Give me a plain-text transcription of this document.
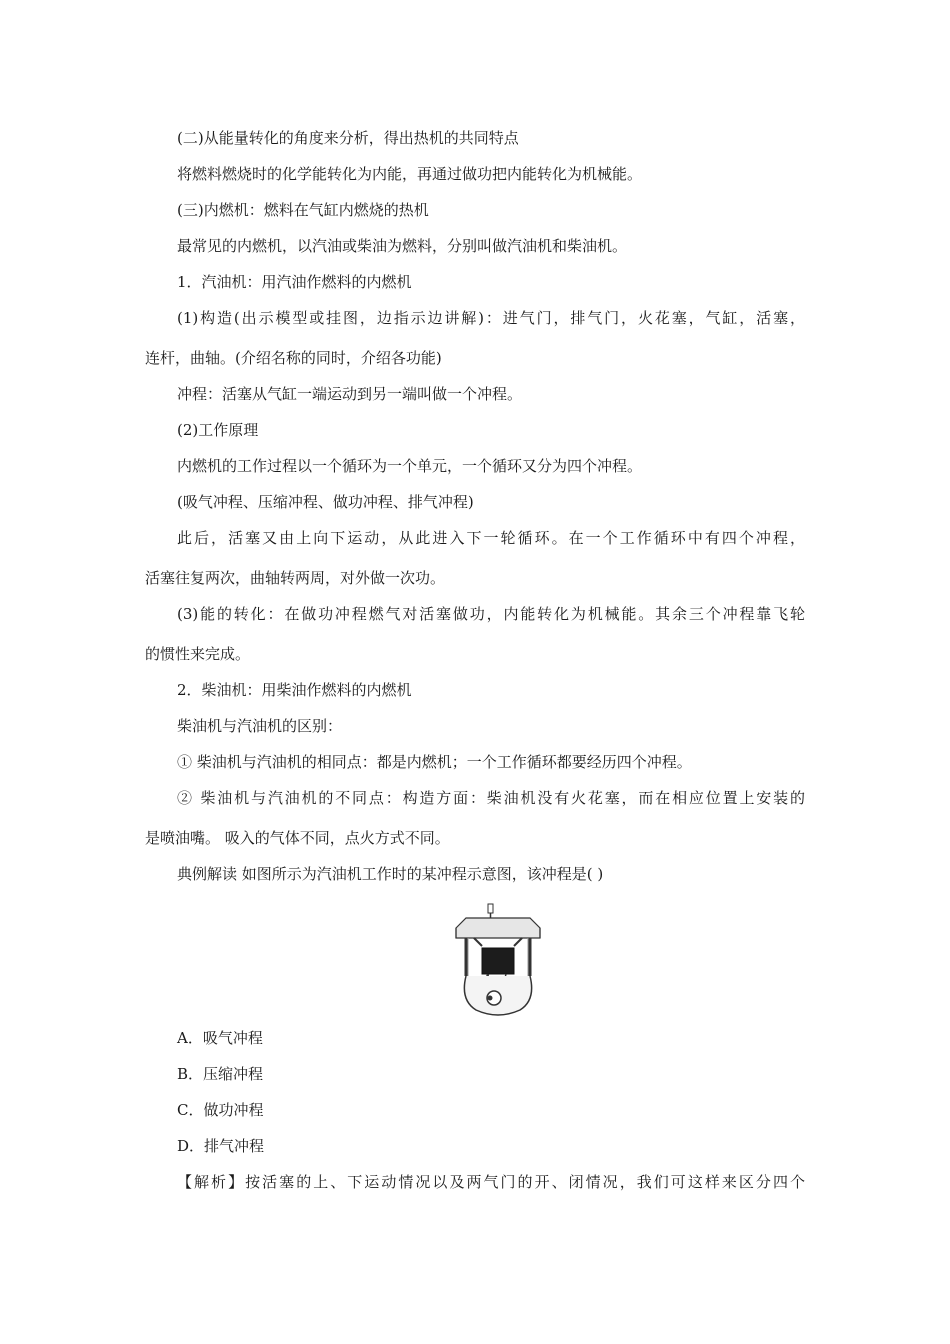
(二)从能量转化的角度来分析，得出热机的共同特点

将燃料燃烧时的化学能转化为内能，再通过做功把内能转化为机械能。

(三)内燃机：燃料在气缸内燃烧的热机

最常见的内燃机，以汽油或柴油为燃料，分别叫做汽油机和柴油机。

1．汽油机：用汽油作燃料的内燃机

(1)构造(出示模型或挂图，边指示边讲解)：进气门，排气门，火花塞，气缸，活塞，

连杆，曲轴。(介绍名称的同时，介绍各功能)

冲程：活塞从气缸一端运动到另一端叫做一个冲程。

(2)工作原理

内燃机的工作过程以一个循环为一个单元，一个循环又分为四个冲程。

(吸气冲程、压缩冲程、做功冲程、排气冲程)

此后，活塞又由上向下运动，从此进入下一轮循环。在一个工作循环中有四个冲程，

活塞往复两次，曲轴转两周，对外做一次功。

(3)能的转化：在做功冲程燃气对活塞做功，内能转化为机械能。其余三个冲程靠飞轮

的惯性来完成。

2．柴油机：用柴油作燃料的内燃机

柴油机与汽油机的区别：

① 柴油机与汽油机的相同点：都是内燃机；一个工作循环都要经历四个冲程。

② 柴油机与汽油机的不同点：构造方面：柴油机没有火花塞，而在相应位置上安装的

是喷油嘴。 吸入的气体不同，点火方式不同。

典例解读 如图所示为汽油机工作时的某冲程示意图，该冲程是( )

A．吸气冲程

B．压缩冲程

C．做功冲程

D．排气冲程

【解析】按活塞的上、下运动情况以及两气门的开、闭情况，我们可这样来区分四个
